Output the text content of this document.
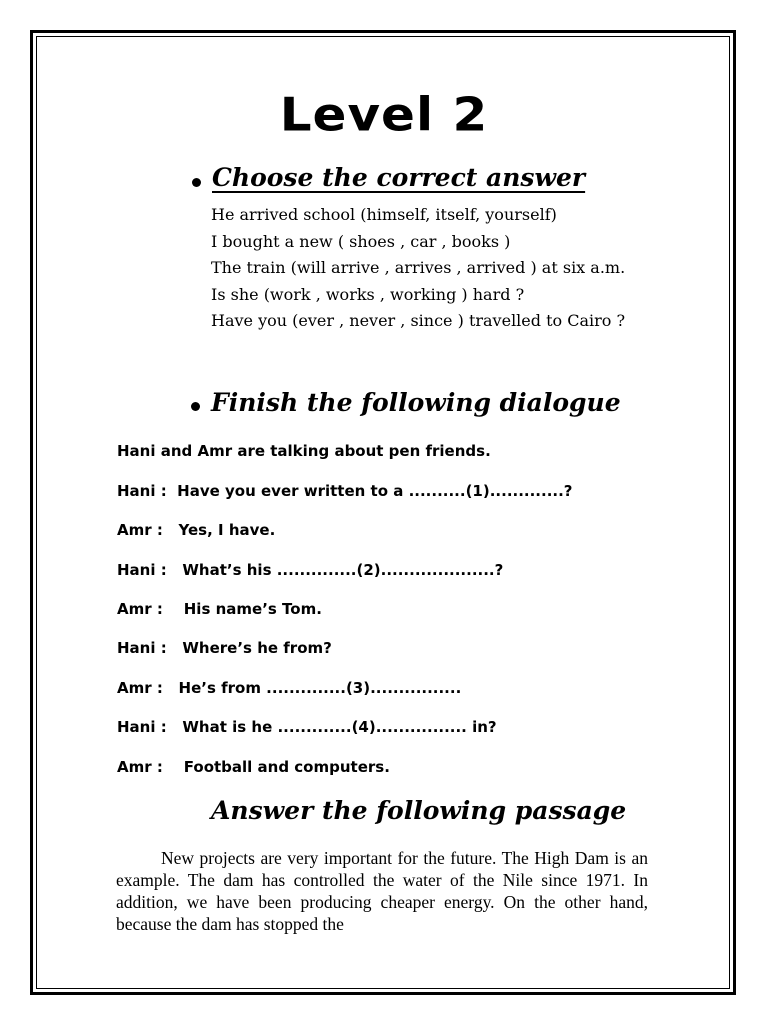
Level 2
Choose the correct answer

He arrived school (himself, itself, yourself)

I bought a new ( shoes , car , books )

The train (will arrive , arrives , arrived ) at six a.m.

Is she (work , works , working ) hard ?

Have you (ever , never , since ) travelled to Cairo ?

Finish the following dialogue
Hani and Amr are talking about pen friends.
Hani :  Have you ever written to a ..........(1).............?
Amr :   Yes, I have.
Hani :   What’s his ..............(2)....................?
Amr :    His name’s Tom.
Hani :   Where’s he from?
Amr :   He’s from ..............(3)................
Hani :   What is he .............(4)................ in?
Amr :    Football and computers.
Answer the following passage
New projects are very important for the future. The High Dam is an example. The dam has controlled the water of the Nile since 1971. In addition, we have been producing cheaper energy. On the other hand, because the dam has stopped the
